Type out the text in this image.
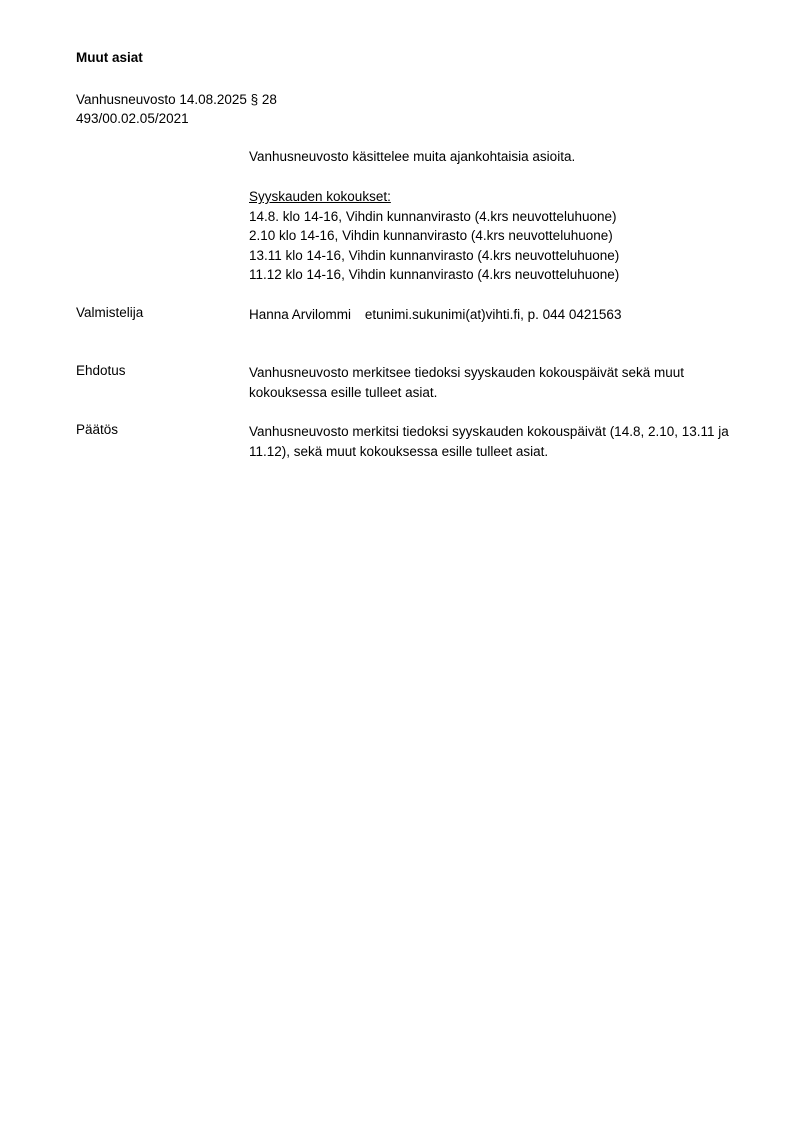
Muut asiat
Vanhusneuvosto 14.08.2025 § 28
493/00.02.05/2021
Vanhusneuvosto käsittelee muita ajankohtaisia asioita.
Syyskauden kokoukset:
14.8. klo 14-16, Vihdin kunnanvirasto (4.krs neuvotteluhuone)
2.10 klo 14-16, Vihdin kunnanvirasto (4.krs neuvotteluhuone)
13.11 klo 14-16, Vihdin kunnanvirasto (4.krs neuvotteluhuone)
11.12 klo 14-16, Vihdin kunnanvirasto (4.krs neuvotteluhuone)
Valmistelija	Hanna Arvilommi etunimi.sukunimi(at)vihti.fi, p. 044 0421563
Ehdotus	Vanhusneuvosto merkitsee tiedoksi syyskauden kokouspäivät sekä muut kokouksessa esille tulleet asiat.
Päätös	Vanhusneuvosto merkitsi tiedoksi syyskauden kokouspäivät (14.8, 2.10, 13.11 ja 11.12), sekä muut kokouksessa esille tulleet asiat.
